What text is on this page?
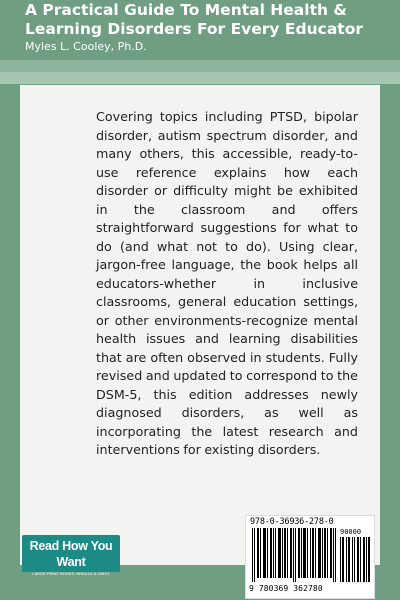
A Practical Guide To Mental Health & Learning Disorders For Every Educator
Myles L. Cooley, Ph.D.

Covering topics including PTSD, bipolar disorder, autism spectrum disorder, and many others, this accessible, ready-to-use reference explains how each disorder or difficulty might be exhibited in the classroom and offers straightforward suggestions for what to do (and what not to do). Using clear, jargon-free language, the book helps all educators-whether in inclusive classrooms, general education settings, or other environments-recognize mental health issues and learning disabilities that are often observed in students. Fully revised and updated to correspond to the DSM-5, this edition addresses newly diagnosed disorders, as well as incorporating the latest research and interventions for existing disorders.

978-0-36936-278-0
90000
9 780369 362780
Read How You Want
LARGE PRINT BOOKS, BRAILLE & DAISY
